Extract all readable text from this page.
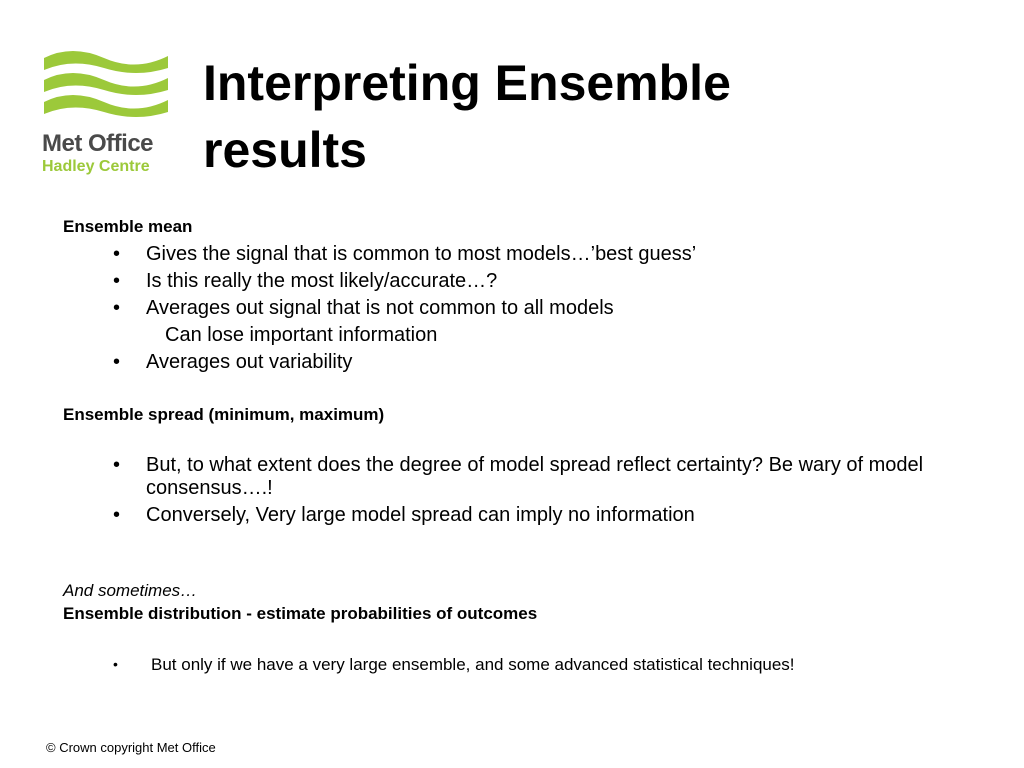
Met Office
Hadley Centre
Interpreting Ensemble results
Ensemble mean
• Gives the signal that is common to most models…’best guess’
• Is this really the most likely/accurate…?
• Averages out signal that is not common to all models
Can lose important information
• Averages out variability
Ensemble spread (minimum, maximum)
• But, to what extent does the degree of model spread reflect certainty? Be wary of model consensus….!
• Conversely, Very large model spread can imply no information
And sometimes…
Ensemble distribution - estimate probabilities of outcomes
• But only if we have a very large ensemble, and some advanced statistical techniques!
© Crown copyright Met Office
